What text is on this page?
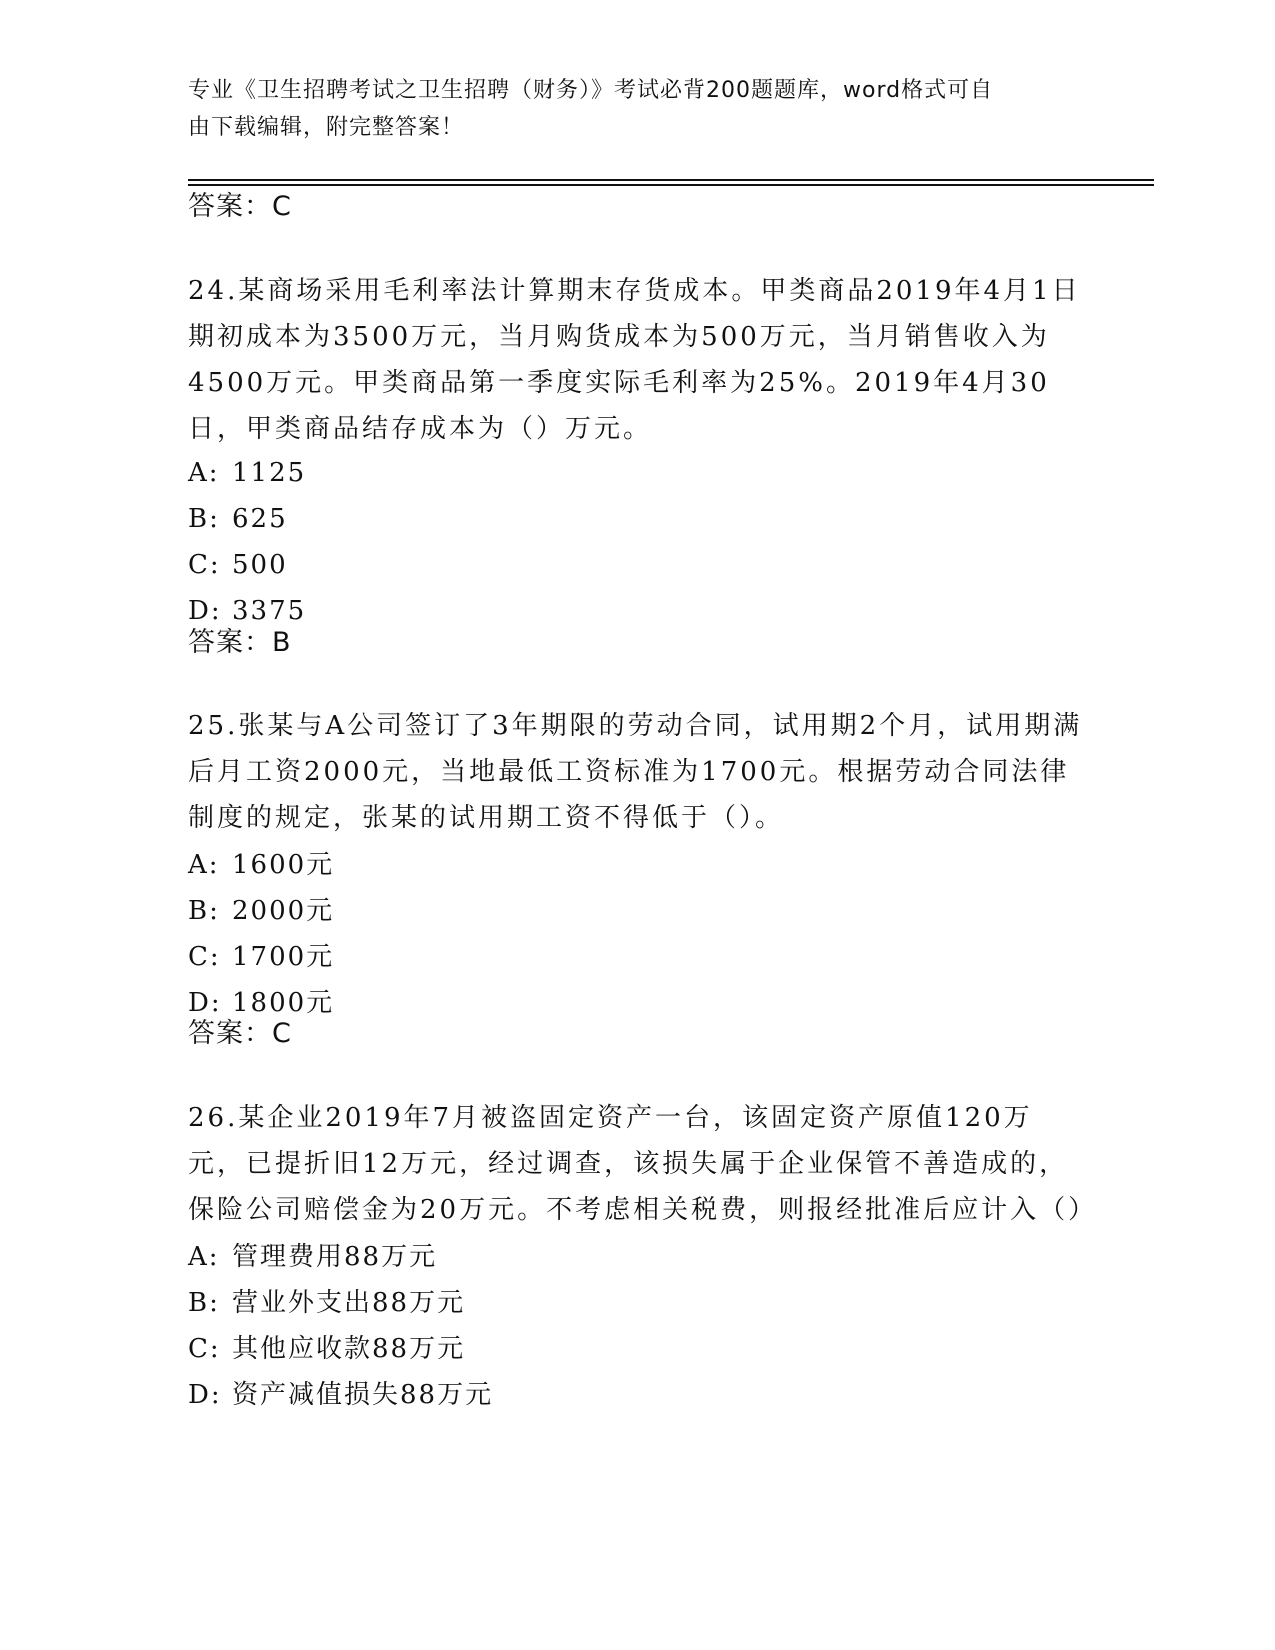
专业《卫生招聘考试之卫生招聘（财务）》考试必背200题题库，word格式可自
由下载编辑，附完整答案！
答案：C
24.某商场采用毛利率法计算期末存货成本。甲类商品2019年4月1日期初成本为3500万元，当月购货成本为500万元，当月销售收入为4500万元。甲类商品第一季度实际毛利率为25%。2019年4月30日，甲类商品结存成本为（）万元。
A: 1125
B: 625
C: 500
D: 3375
答案：B
25.张某与A公司签订了3年期限的劳动合同，试用期2个月，试用期满后月工资2000元，当地最低工资标准为1700元。根据劳动合同法律制度的规定，张某的试用期工资不得低于（）。
A: 1600元
B: 2000元
C: 1700元
D: 1800元
答案：C
26.某企业2019年7月被盗固定资产一台，该固定资产原值120万元，已提折旧12万元，经过调查，该损失属于企业保管不善造成的，保险公司赔偿金为20万元。不考虑相关税费，则报经批准后应计入（）
A: 管理费用88万元
B: 营业外支出88万元
C: 其他应收款88万元
D: 资产减值损失88万元
